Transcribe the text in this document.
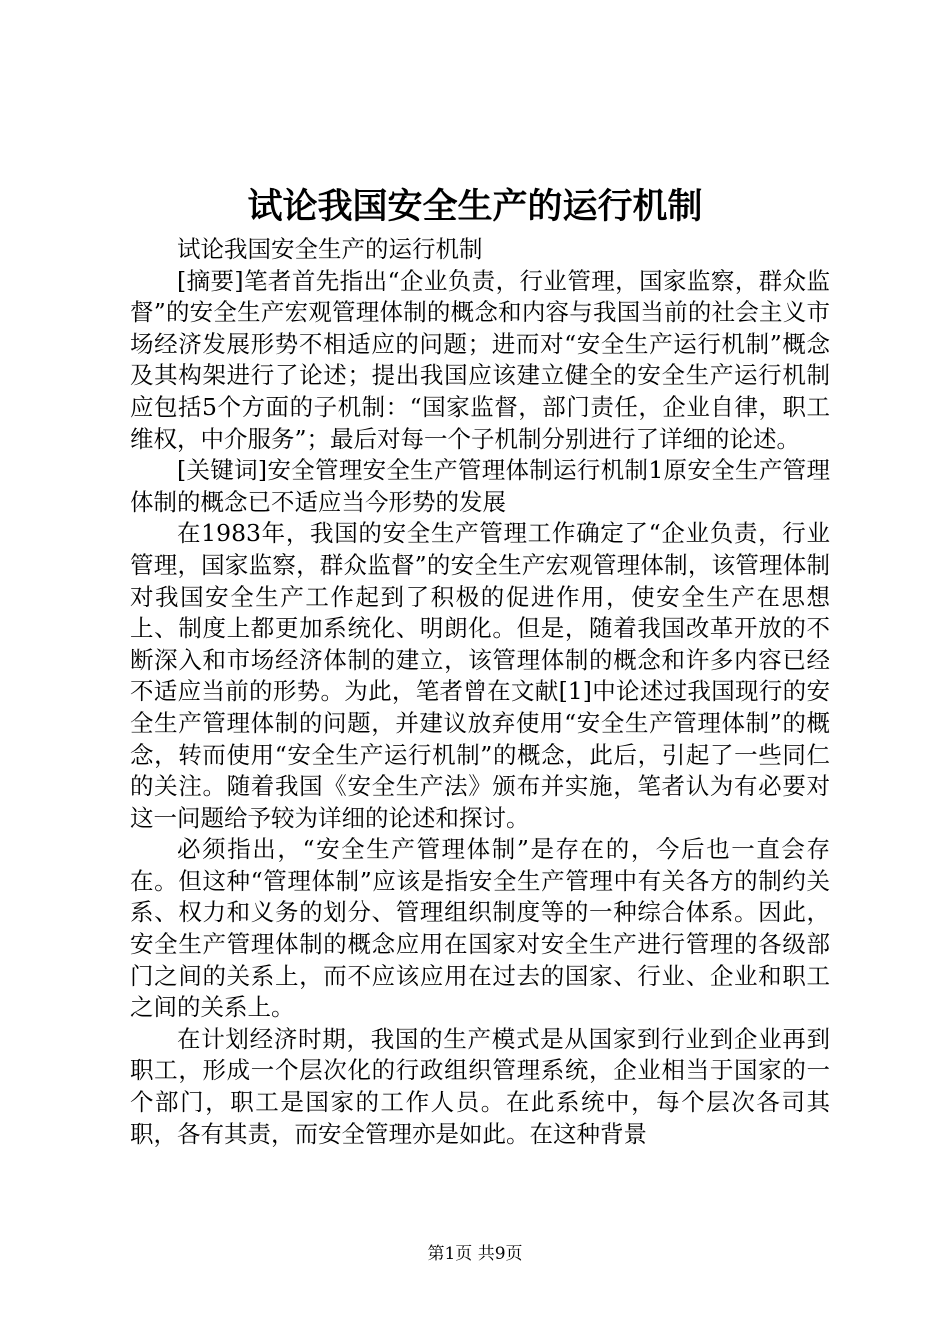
试论我国安全生产的运行机制

试论我国安全生产的运行机制

[摘要]笔者首先指出“企业负责，行业管理，国家监察，群众监督”的安全生产宏观管理体制的概念和内容与我国当前的社会主义市场经济发展形势不相适应的问题；进而对“安全生产运行机制”概念及其构架进行了论述；提出我国应该建立健全的安全生产运行机制应包括5个方面的子机制：“国家监督，部门责任，企业自律，职工维权，中介服务”；最后对每一个子机制分别进行了详细的论述。

[关键词]安全管理安全生产管理体制运行机制1原安全生产管理体制的概念已不适应当今形势的发展

在1983年，我国的安全生产管理工作确定了“企业负责，行业管理，国家监察，群众监督”的安全生产宏观管理体制，该管理体制对我国安全生产工作起到了积极的促进作用，使安全生产在思想上、制度上都更加系统化、明朗化。但是，随着我国改革开放的不断深入和市场经济体制的建立，该管理体制的概念和许多内容已经不适应当前的形势。为此，笔者曾在文献[1]中论述过我国现行的安全生产管理体制的问题，并建议放弃使用“安全生产管理体制”的概念，转而使用“安全生产运行机制”的概念，此后，引起了一些同仁的关注。随着我国《安全生产法》颁布并实施，笔者认为有必要对这一问题给予较为详细的论述和探讨。

必须指出，“安全生产管理体制”是存在的，今后也一直会存在。但这种“管理体制”应该是指安全生产管理中有关各方的制约关系、权力和义务的划分、管理组织制度等的一种综合体系。因此，安全生产管理体制的概念应用在国家对安全生产进行管理的各级部门之间的关系上，而不应该应用在过去的国家、行业、企业和职工之间的关系上。

在计划经济时期，我国的生产模式是从国家到行业到企业再到职工，形成一个层次化的行政组织管理系统，企业相当于国家的一个部门，职工是国家的工作人员。在此系统中，每个层次各司其职，各有其责，而安全管理亦是如此。在这种背景

第1页 共9页
